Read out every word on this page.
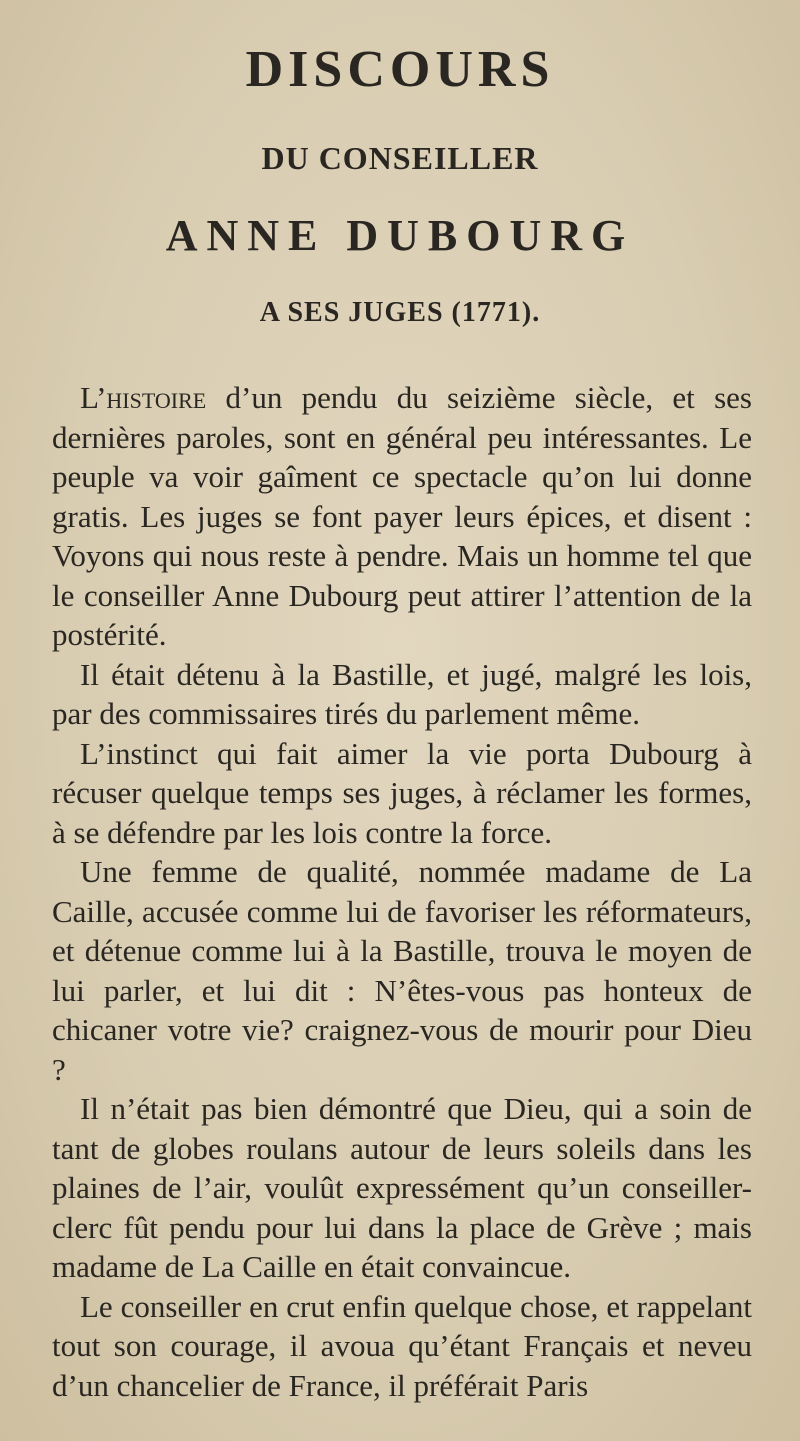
DISCOURS
DU CONSEILLER
ANNE DUBOURG
A SES JUGES (1771).

L’histoire d’un pendu du seizième siècle, et ses dernières paroles, sont en général peu intéressantes. Le peuple va voir gaîment ce spectacle qu’on lui donne gratis. Les juges se font payer leurs épices, et disent : Voyons qui nous reste à pendre. Mais un homme tel que le conseiller Anne Dubourg peut attirer l’attention de la postérité.

Il était détenu à la Bastille, et jugé, malgré les lois, par des commissaires tirés du parlement même.

L’instinct qui fait aimer la vie porta Dubourg à récuser quelque temps ses juges, à réclamer les formes, à se défendre par les lois contre la force.

Une femme de qualité, nommée madame de La Caille, accusée comme lui de favoriser les réformateurs, et détenue comme lui à la Bastille, trouva le moyen de lui parler, et lui dit : N’êtes-vous pas honteux de chicaner votre vie? craignez-vous de mourir pour Dieu ?

Il n’était pas bien démontré que Dieu, qui a soin de tant de globes roulans autour de leurs soleils dans les plaines de l’air, voulût expressément qu’un conseiller-clerc fût pendu pour lui dans la place de Grève ; mais madame de La Caille en était convaincue.

Le conseiller en crut enfin quelque chose, et rappelant tout son courage, il avoua qu’étant Français et neveu d’un chancelier de France, il préférait Paris
